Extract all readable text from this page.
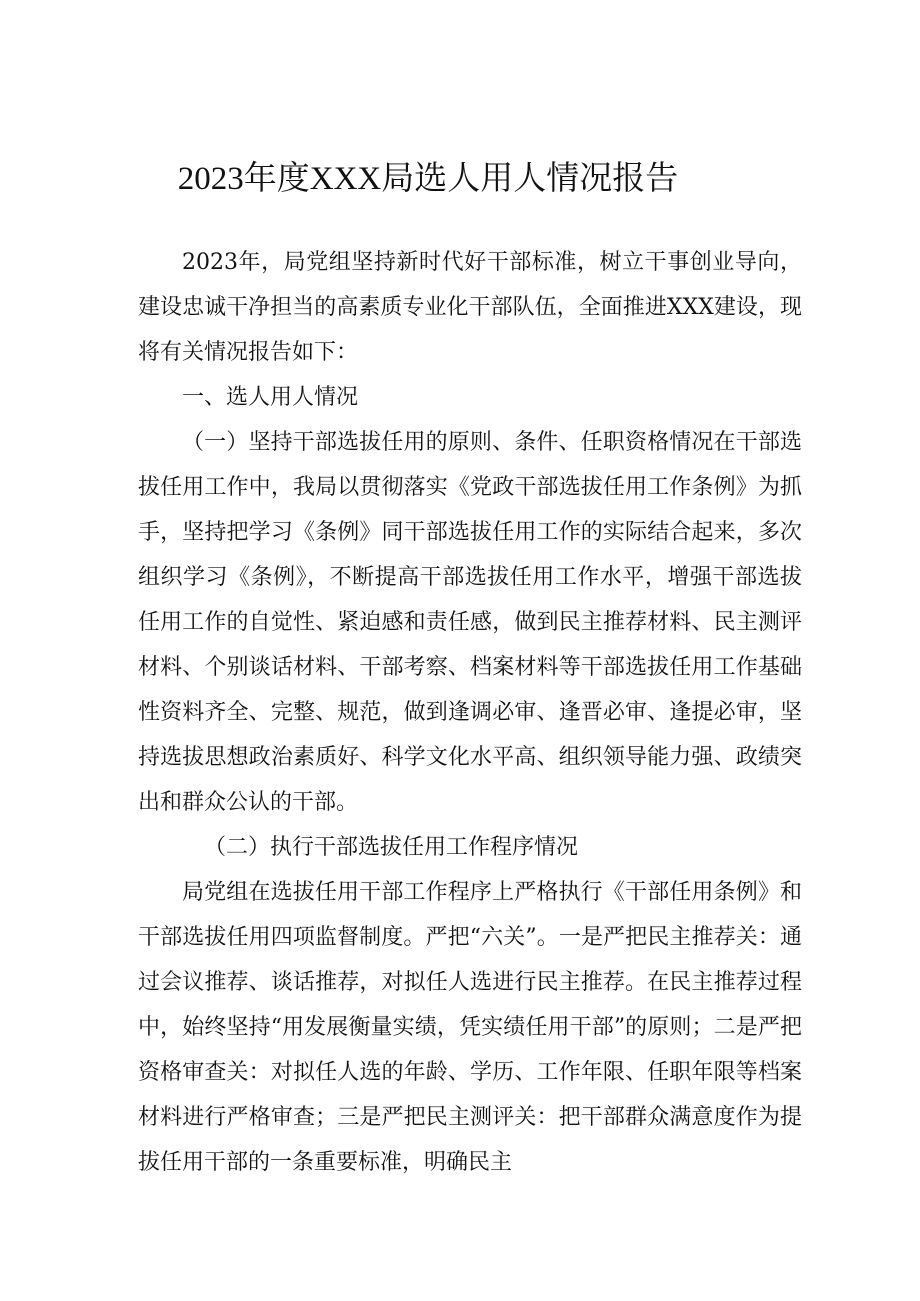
2023年度XXX局选人用人情况报告

2023年，局党组坚持新时代好干部标准，树立干事创业导向，建设忠诚干净担当的高素质专业化干部队伍，全面推进XXX建设，现将有关情况报告如下：

一、选人用人情况

（一）坚持干部选拔任用的原则、条件、任职资格情况在干部选拔任用工作中，我局以贯彻落实《党政干部选拔任用工作条例》为抓手，坚持把学习《条例》同干部选拔任用工作的实际结合起来，多次组织学习《条例》，不断提高干部选拔任用工作水平，增强干部选拔任用工作的自觉性、紧迫感和责任感，做到民主推荐材料、民主测评材料、个别谈话材料、干部考察、档案材料等干部选拔任用工作基础性资料齐全、完整、规范，做到逢调必审、逢晋必审、逢提必审，坚持选拔思想政治素质好、科学文化水平高、组织领导能力强、政绩突出和群众公认的干部。

（二）执行干部选拔任用工作程序情况

局党组在选拔任用干部工作程序上严格执行《干部任用条例》和干部选拔任用四项监督制度。严把“六关”。一是严把民主推荐关：通过会议推荐、谈话推荐，对拟任人选进行民主推荐。在民主推荐过程中，始终坚持“用发展衡量实绩，凭实绩任用干部”的原则；二是严把资格审查关：对拟任人选的年龄、学历、工作年限、任职年限等档案材料进行严格审查；三是严把民主测评关：把干部群众满意度作为提拔任用干部的一条重要标准，明确民主
